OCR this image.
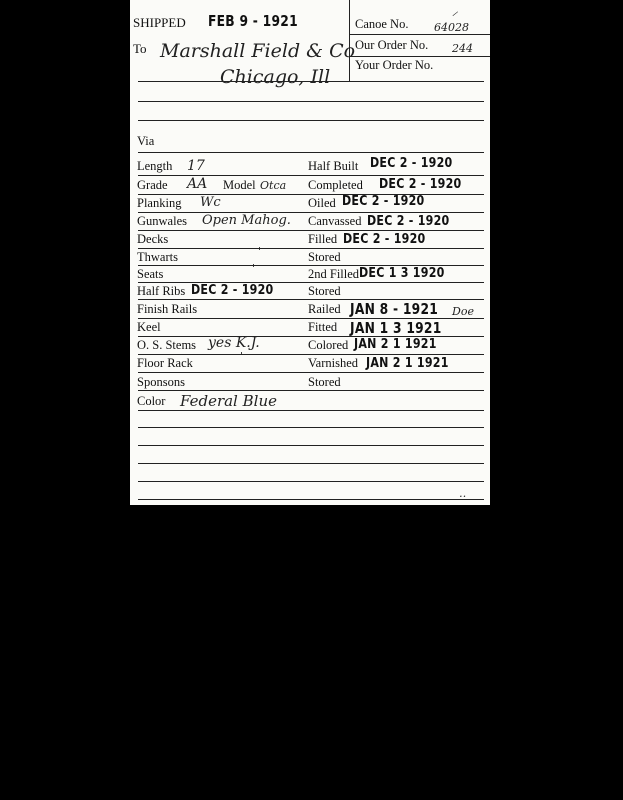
SHIPPED FEB 9 - 1921
To Marshall Field & Co
Chicago, Ill
Canoe No. 64028
⸝
Our Order No. 244
Your Order No.
Via
Length 17
Grade AA Model Otca
Planking Wc
Gunwales Open Mahog.
Decks
Thwarts
Seats
Half Ribs DEC 2 - 1920
Finish Rails
Keel
O. S. Stems yes K.J.
Floor Rack
Sponsons
Color Federal Blue
Half Built DEC 2 - 1920
Completed DEC 2 - 1920
Oiled DEC 2 - 1920
Canvassed DEC 2 - 1920
Filled DEC 2 - 1920
Stored
2nd Filled DEC 1 3 1920
Stored
Railed JAN 8 - 1921 Doe
Fitted JAN 1 3 1921
Colored JAN 2 1 1921
Varnished JAN 2 1 1921
Stored
'
'
'
‥
